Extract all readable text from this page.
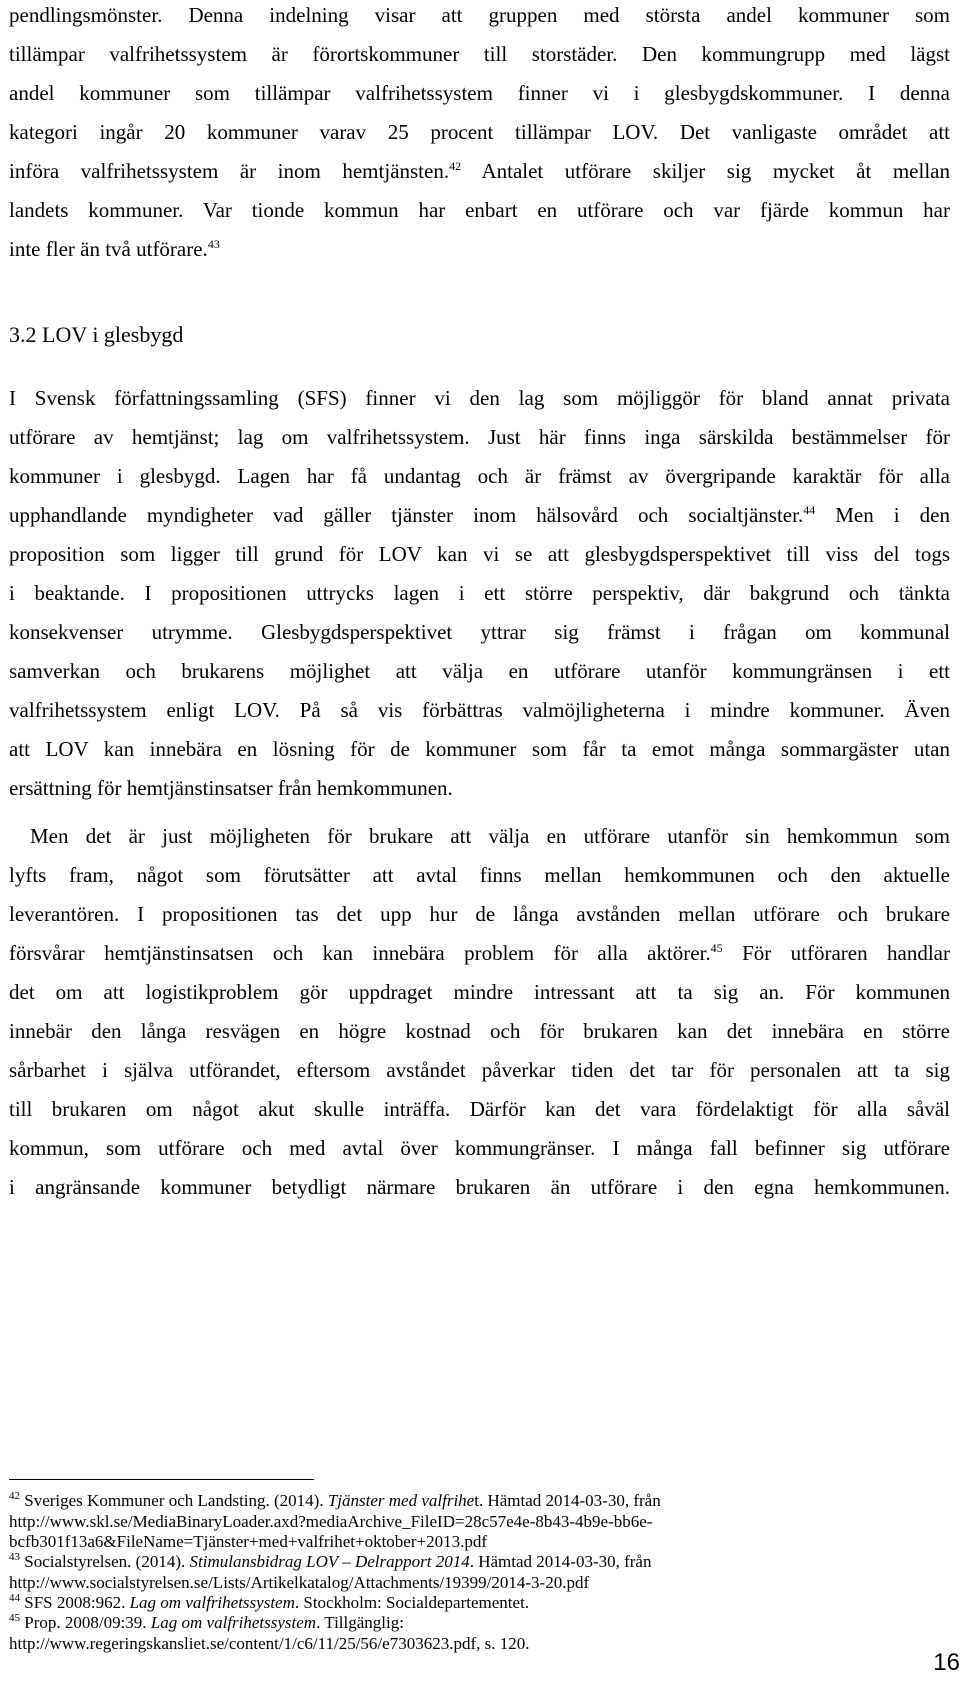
pendlingsmönster. Denna indelning visar att gruppen med största andel kommuner som
tillämpar valfrihetssystem är förortskommuner till storstäder. Den kommungrupp med lägst
andel kommuner som tillämpar valfrihetssystem finner vi i glesbygdskommuner. I denna
kategori ingår 20 kommuner varav 25 procent tillämpar LOV. Det vanligaste området att
införa valfrihetssystem är inom hemtjänsten.$^{42}$ Antalet utförare skiljer sig mycket åt mellan
landets kommuner. Var tionde kommun har enbart en utförare och var fjärde kommun har
inte fler än två utförare.$^{43}$
3.2 LOV i glesbygd
I Svensk författningssamling (SFS) finner vi den lag som möjliggör för bland annat privata
utförare av hemtjänst; lag om valfrihetssystem. Just här finns inga särskilda bestämmelser för
kommuner i glesbygd. Lagen har få undantag och är främst av övergripande karaktär för alla
upphandlande myndigheter vad gäller tjänster inom hälsovård och socialtjänster.$^{44}$ Men i den
proposition som ligger till grund för LOV kan vi se att glesbygdsperspektivet till viss del togs
i beaktande. I propositionen uttrycks lagen i ett större perspektiv, där bakgrund och tänkta
konsekvenser utrymme. Glesbygdsperspektivet yttrar sig främst i frågan om kommunal
samverkan och brukarens möjlighet att välja en utförare utanför kommungränsen i ett
valfrihetssystem enligt LOV. På så vis förbättras valmöjligheterna i mindre kommuner. Även
att LOV kan innebära en lösning för de kommuner som får ta emot många sommargäster utan
ersättning för hemtjänstinsatser från hemkommunen.
Men det är just möjligheten för brukare att välja en utförare utanför sin hemkommun som
lyfts fram, något som förutsätter att avtal finns mellan hemkommunen och den aktuelle
leverantören. I propositionen tas det upp hur de långa avstånden mellan utförare och brukare
försvårar hemtjänstinsatsen och kan innebära problem för alla aktörer.$^{45}$ För utföraren handlar
det om att logistikproblem gör uppdraget mindre intressant att ta sig an. För kommunen
innebär den långa resvägen en högre kostnad och för brukaren kan det innebära en större
sårbarhet i själva utförandet, eftersom avståndet påverkar tiden det tar för personalen att ta sig
till brukaren om något akut skulle inträffa. Därför kan det vara fördelaktigt för alla såväl
kommun, som utförare och med avtal över kommungränser. I många fall befinner sig utförare
i angränsande kommuner betydligt närmare brukaren än utförare i den egna hemkommunen.
$^{42}$ Sveriges Kommuner och Landsting. (2014). Tjänster med valfrihet. Hämtad 2014-03-30, från
http://www.skl.se/MediaBinaryLoader.axd?mediaArchive_FileID=28c57e4e-8b43-4b9e-bb6e-
bcfb301f13a6&FileName=Tjänster+med+valfrihet+oktober+2013.pdf
$^{43}$ Socialstyrelsen. (2014). Stimulansbidrag LOV – Delrapport 2014. Hämtad 2014-03-30, från
http://www.socialstyrelsen.se/Lists/Artikelkatalog/Attachments/19399/2014-3-20.pdf
$^{44}$ SFS 2008:962. Lag om valfrihetssystem. Stockholm: Socialdepartementet.
$^{45}$ Prop. 2008/09:39. Lag om valfrihetssystem. Tillgänglig:
http://www.regeringskansliet.se/content/1/c6/11/25/56/e7303623.pdf, s. 120.
16
